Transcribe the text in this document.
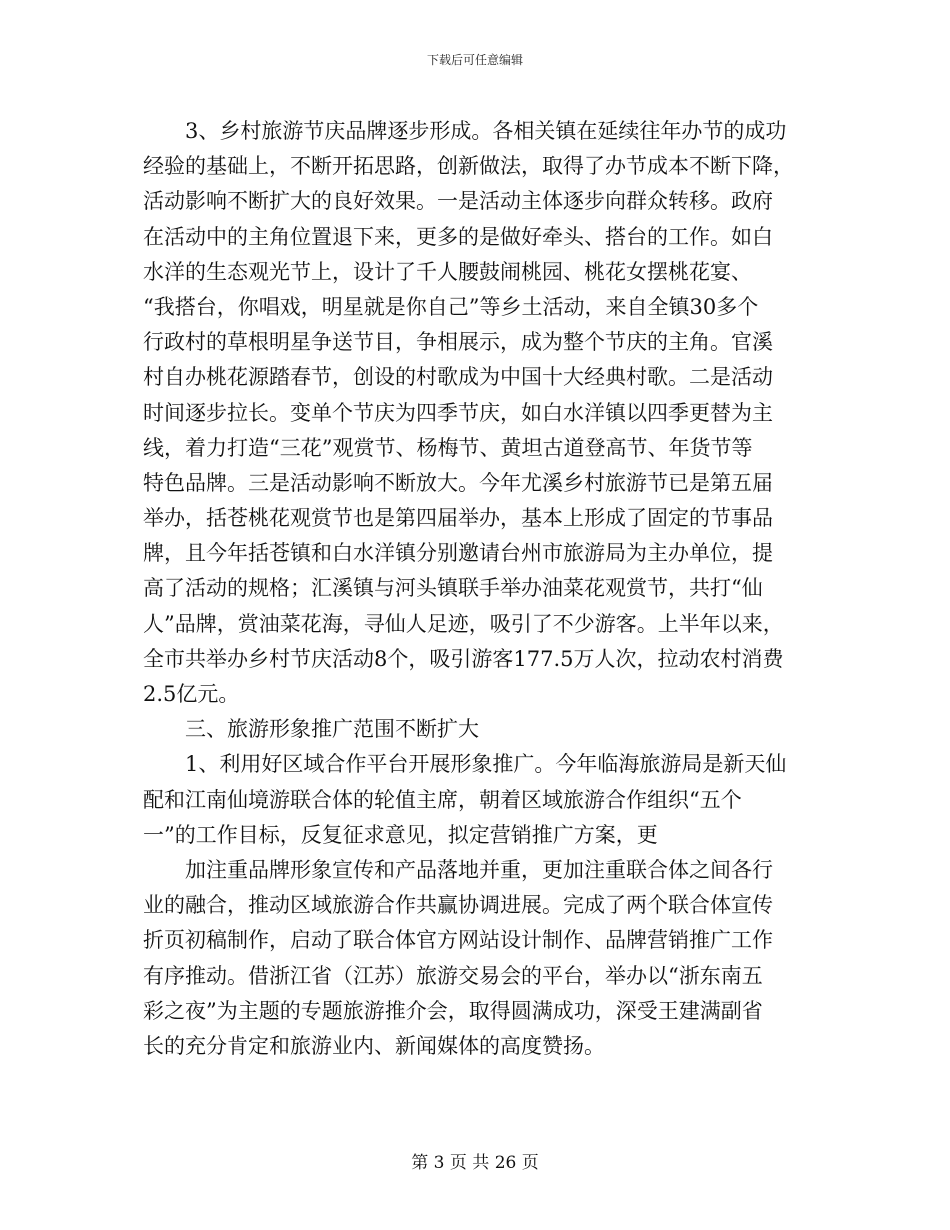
下载后可任意编辑
3、乡村旅游节庆品牌逐步形成。各相关镇在延续往年办节的成功
经验的基础上，不断开拓思路，创新做法，取得了办节成本不断下降，
活动影响不断扩大的良好效果。一是活动主体逐步向群众转移。政府
在活动中的主角位置退下来，更多的是做好牵头、搭台的工作。如白
水洋的生态观光节上，设计了千人腰鼓闹桃园、桃花女摆桃花宴、
“我搭台，你唱戏，明星就是你自己”等乡土活动，来自全镇30多个
行政村的草根明星争送节目，争相展示，成为整个节庆的主角。官溪
村自办桃花源踏春节，创设的村歌成为中国十大经典村歌。二是活动
时间逐步拉长。变单个节庆为四季节庆，如白水洋镇以四季更替为主
线，着力打造“三花”观赏节、杨梅节、黄坦古道登高节、年货节等
特色品牌。三是活动影响不断放大。今年尤溪乡村旅游节已是第五届
举办，括苍桃花观赏节也是第四届举办，基本上形成了固定的节事品
牌，且今年括苍镇和白水洋镇分别邀请台州市旅游局为主办单位，提
高了活动的规格；汇溪镇与河头镇联手举办油菜花观赏节，共打“仙
人”品牌，赏油菜花海，寻仙人足迹，吸引了不少游客。上半年以来，
全市共举办乡村节庆活动8个，吸引游客177.5万人次，拉动农村消费
2.5亿元。
三、旅游形象推广范围不断扩大
1、利用好区域合作平台开展形象推广。今年临海旅游局是新天仙
配和江南仙境游联合体的轮值主席，朝着区域旅游合作组织“五个
一”的工作目标，反复征求意见，拟定营销推广方案，更
加注重品牌形象宣传和产品落地并重，更加注重联合体之间各行
业的融合，推动区域旅游合作共赢协调进展。完成了两个联合体宣传
折页初稿制作，启动了联合体官方网站设计制作、品牌营销推广工作
有序推动。借浙江省（江苏）旅游交易会的平台，举办以“浙东南五
彩之夜”为主题的专题旅游推介会，取得圆满成功，深受王建满副省
长的充分肯定和旅游业内、新闻媒体的高度赞扬。
第 3 页 共 26 页
